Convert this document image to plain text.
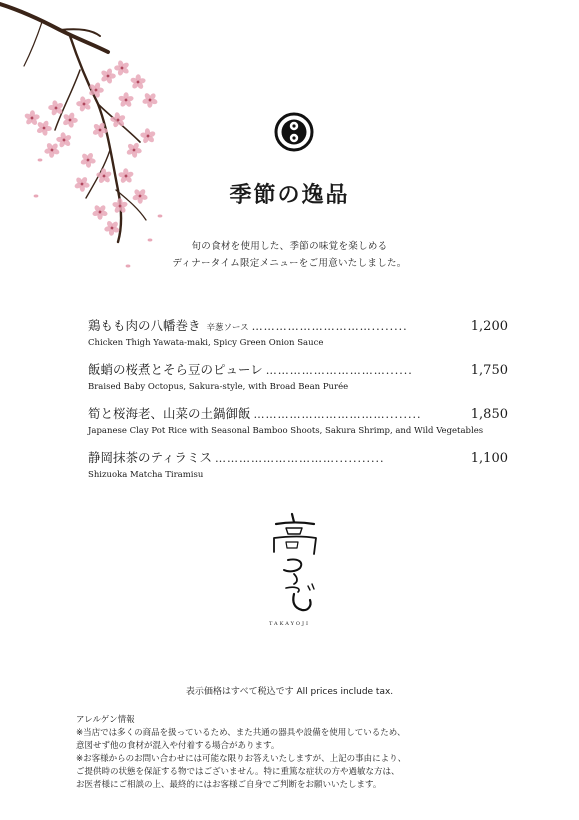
季節の逸品
旬の食材を使用した、季節の味覚を楽しめる
ディナータイム限定メニューをご用意いたしました。
鶏もも肉の八幡巻き 辛葱ソース …………………………........	1,200
Chicken Thigh Yawata-maki, Spicy Green Onion Sauce
飯蛸の桜煮とそら豆のピューレ …………………………......	1,750
Braised Baby Octopus, Sakura-style, with Broad Bean Purée
筍と桜海老、山菜の土鍋御飯 ……………………………........	1,850
Japanese Clay Pot Rice with Seasonal Bamboo Shoots, Sakura Shrimp, and Wild Vegetables
静岡抹茶のティラミス …………………………...........	1,100
Shizuoka Matcha Tiramisu
TAKAYOJI
表示価格はすべて税込です All prices include tax.
アレルゲン情報
※当店では多くの商品を扱っているため、また共通の器具や設備を使用しているため、
意図せず他の食材が混入や付着する場合があります。
※お客様からのお問い合わせには可能な限りお答えいたしますが、上記の事由により、
ご提供時の状態を保証する物ではございません。特に重篤な症状の方や過敏な方は、
お医者様にご相談の上、最終的にはお客様ご自身でご判断をお願いいたします。
